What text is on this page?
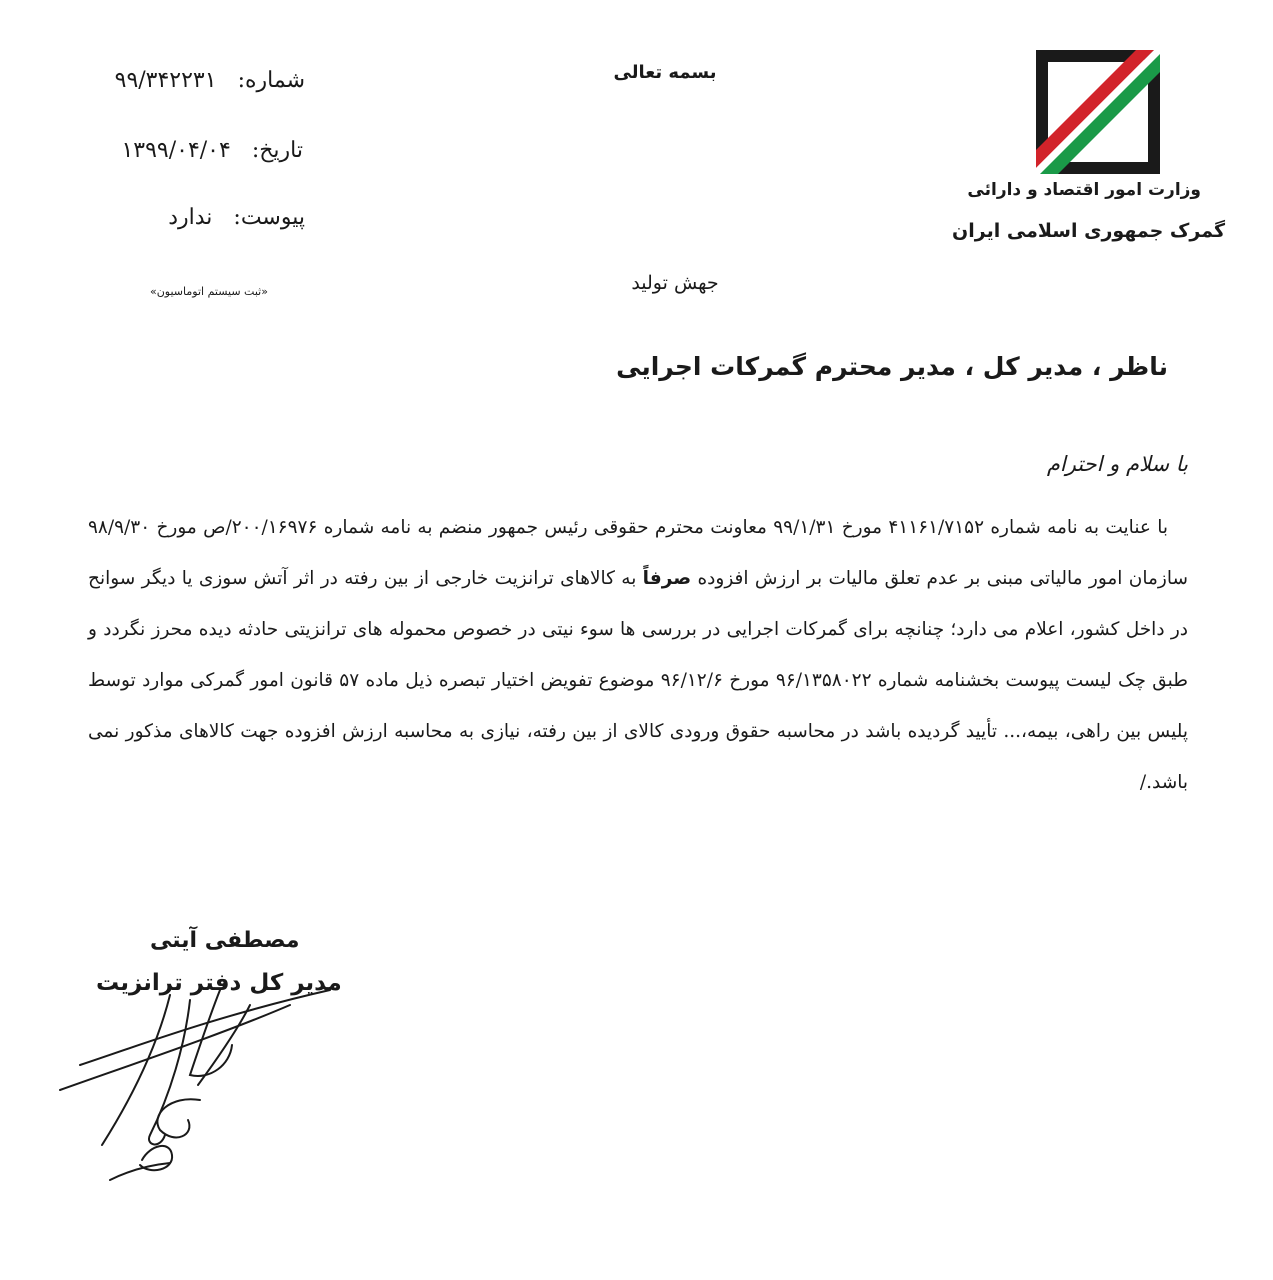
وزارت امور اقتصاد و دارائی
گمرک جمهوری اسلامی ایران
بسمه تعالی
شماره: ۹۹/۳۴۲۲۳۱
تاریخ: ۱۳۹۹/۰۴/۰۴
پیوست: ندارد
«ثبت سیستم اتوماسیون»	جهش تولید
ناظر ، مدیر کل ، مدیر محترم گمرکات اجرایی
با سلام و احترام
با عنایت به نامه شماره ۴۱۱۶۱/۷۱۵۲ مورخ ۹۹/۱/۳۱ معاونت محترم حقوقی رئیس جمهور منضم به نامه شماره ۲۰۰/۱۶۹۷۶/ص مورخ ۹۸/۹/۳۰ سازمان امور مالیاتی مبنی بر عدم تعلق مالیات بر ارزش افزوده صرفاً به کالاهای ترانزیت خارجی از بین رفته در اثر آتش سوزی یا دیگر سوانح در داخل کشور، اعلام می دارد؛ چنانچه برای گمرکات اجرایی در بررسی ها سوء نیتی در خصوص محموله های ترانزیتی حادثه دیده محرز نگردد و طبق چک لیست پیوست بخشنامه شماره ۹۶/۱۳۵۸۰۲۲ مورخ ۹۶/۱۲/۶ موضوع تفویض اختیار تبصره ذیل ماده ۵۷ قانون امور گمرکی موارد توسط پلیس بین راهی، بیمه،... تأیید گردیده باشد در محاسبه حقوق ورودی کالای از بین رفته، نیازی به محاسبه ارزش افزوده جهت کالاهای مذکور نمی باشد./
مصطفی آیتی
مدیر کل دفتر ترانزیت
